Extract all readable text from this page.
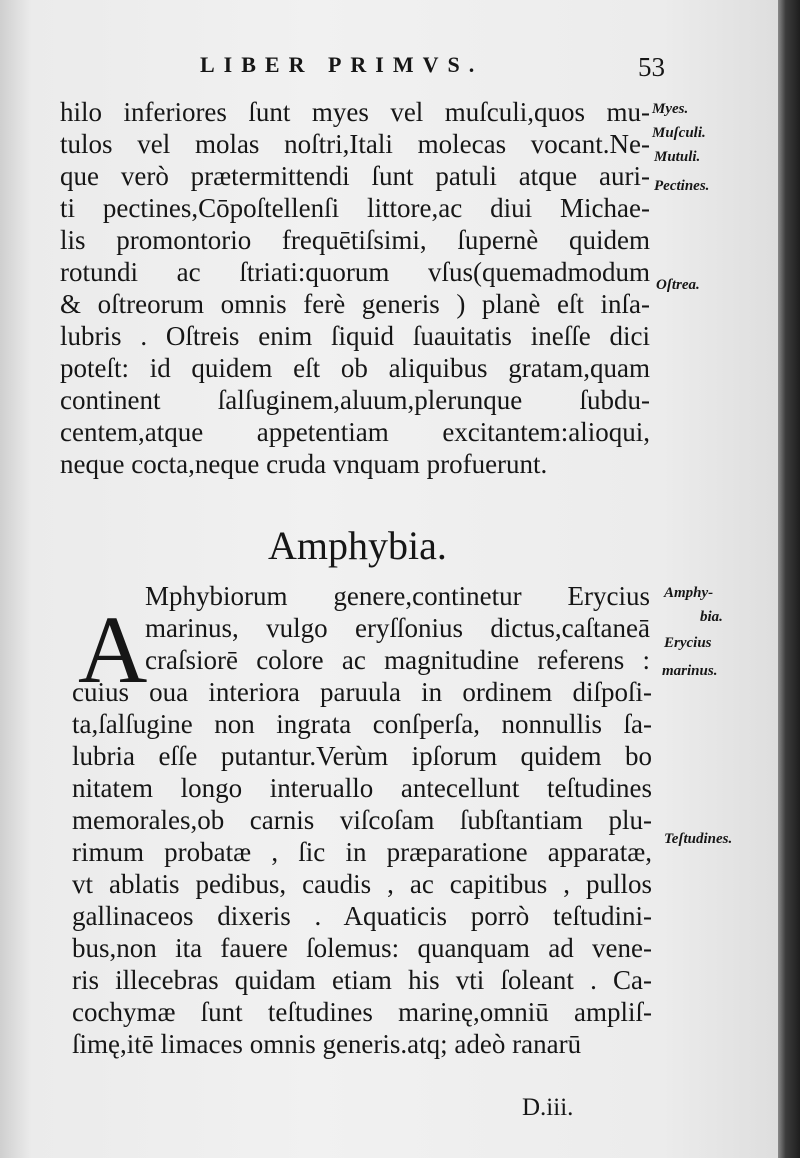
LIBER PRIMVS.	53
hilo inferiores ſunt myes vel muſculi,quos mu-
tulos vel molas noſtri,Itali molecas vocant.Ne-
que verò prætermittendi ſunt patuli atque auri-
ti pectines,Cōpoſtellenſi littore,ac diui Michae-
lis promontorio frequētiſsimi, ſupernè quidem
rotundi ac ſtriati:quorum vſus(quemadmodum
& oſtreorum omnis ferè generis ) planè eſt inſa-
lubris . Oſtreis enim ſiquid ſuauitatis ineſſe dici
poteſt: id quidem eſt ob aliquibus gratam,quam
continent ſalſuginem,aluum,plerunque ſubdu-
centem,atque appetentiam excitantem:alioqui,
neque cocta,neque cruda vnquam profuerunt.
Amphybia.
A
Mphybiorum genere,continetur Erycius
marinus, vulgo eryſſonius dictus,caſtaneā
craſsiorē colore ac magnitudine referens :
cuius oua interiora paruula in ordinem diſpoſi-
ta,ſalſugine non ingrata conſperſa, nonnullis ſa-
lubria eſſe putantur.Verùm ipſorum quidem bo
nitatem longo interuallo antecellunt teſtudines
memorales,ob carnis viſcoſam ſubſtantiam plu-
rimum probatæ , ſic in præparatione apparatæ,
vt ablatis pedibus, caudis , ac capitibus , pullos
gallinaceos dixeris . Aquaticis porrò teſtudini-
bus,non ita fauere ſolemus: quanquam ad vene-
ris illecebras quidam etiam his vti ſoleant . Ca-
cochymæ ſunt teſtudines marinę,omniū ampliſ-
ſimę,itē limaces omnis generis.atq; adeò ranarū
Myes.
Muſculi.
Mutuli.
Pectines.
Oſtrea.
Amphy-
bia.
Erycius
marinus.
Teſtudines.
D.iii.
